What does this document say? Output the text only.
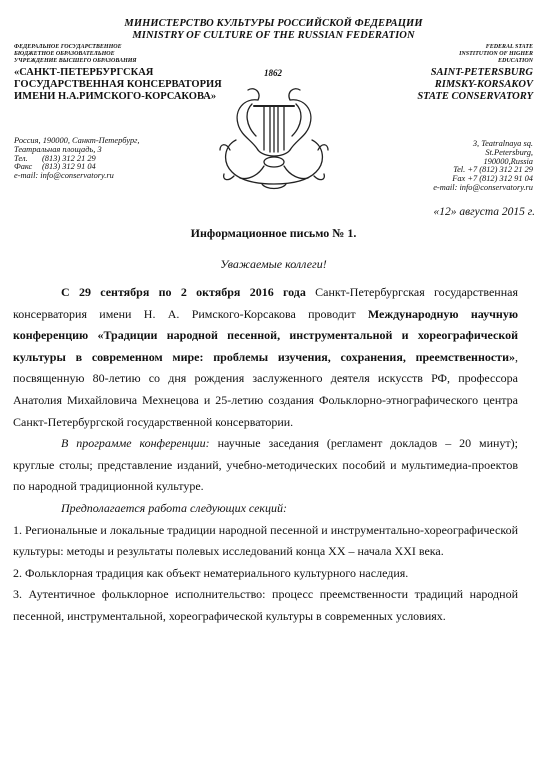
МИНИСТЕРСТВО КУЛЬТУРЫ РОССИЙСКОЙ ФЕДЕРАЦИИ
MINISTRY OF CULTURE OF THE RUSSIAN FEDERATION
ФЕДЕРАЛЬНОЕ ГОСУДАРСТВЕННОЕ
БЮДЖЕТНОЕ ОБРАЗОВАТЕЛЬНОЕ
УЧРЕЖДЕНИЕ ВЫСШЕГО ОБРАЗОВАНИЯ
«САНКТ-ПЕТЕРБУРГСКАЯ
ГОСУДАРСТВЕННАЯ КОНСЕРВАТОРИЯ
ИМЕНИ Н.А.РИМСКОГО-КОРСАКОВА»
FEDERAL STATE
INSTITUTION OF HIGHER
EDUCATION
SAINT-PETERSBURG
RIMSKY-KORSAKOV
STATE CONSERVATORY
1862
Россия, 190000, Санкт-Петербург,
Театральная площадь, 3
Тел. (813) 312 21 29
Факс (813) 312 91 04
e-mail: info@conservatory.ru
3, Teatralnaya sq.
St.Petersburg,
190000,Russia
Tel. +7 (812) 312 21 29
Fax +7 (812) 312 91 04
e-mail: info@conservatory.ru
«12» августа 2015 г.
Информационное письмо № 1.
Уважаемые коллеги!

С 29 сентября по 2 октября 2016 года Санкт-Петербургская государственная консерватория имени Н. А. Римского-Корсакова проводит Международную научную конференцию «Традиции народной песенной, инструментальной и хореографической культуры в современном мире: проблемы изучения, сохранения, преемственности», посвященную 80-летию со дня рождения заслуженного деятеля искусств РФ, профессора Анатолия Михайловича Мехнецова и 25-летию создания Фольклорно-этнографического центра Санкт-Петербургской государственной консерватории.

В программе конференции: научные заседания (регламент докладов – 20 минут); круглые столы; представление изданий, учебно-методических пособий и мультимедиа-проектов по народной традиционной культуре.

Предполагается работа следующих секций:

1. Региональные и локальные традиции народной песенной и инструментально-хореографической культуры: методы и результаты полевых исследований конца XX – начала XXI века.

2. Фольклорная традиция как объект нематериального культурного наследия.

3. Аутентичное фольклорное исполнительство: процесс преемственности традиций народной песенной, инструментальной, хореографической культуры в современных условиях.
